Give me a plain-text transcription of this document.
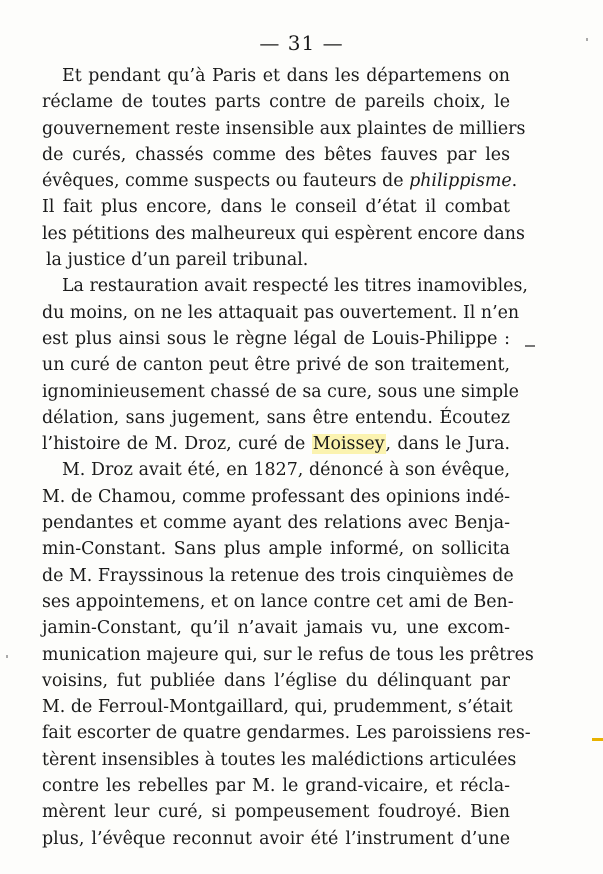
— 31 —
Et pendant qu’à Paris et dans les départemens on
réclame de toutes parts contre de pareils choix, le
gouvernement reste insensible aux plaintes de milliers
de curés, chassés comme des bêtes fauves par les
évêques, comme suspects ou fauteurs de philippisme.
Il fait plus encore, dans le conseil d’état il combat
les pétitions des malheureux qui espèrent encore dans
la justice d’un pareil tribunal.
La restauration avait respecté les titres inamovibles,
du moins, on ne les attaquait pas ouvertement. Il n’en
est plus ainsi sous le règne légal de Louis-Philippe :
un curé de canton peut être privé de son traitement,
ignominieusement chassé de sa cure, sous une simple
délation, sans jugement, sans être entendu. Écoutez
l’histoire de M. Droz, curé de Moissey, dans le Jura.
M. Droz avait été, en 1827, dénoncé à son évêque,
M. de Chamou, comme professant des opinions indé-
pendantes et comme ayant des relations avec Benja-
min-Constant. Sans plus ample informé, on sollicita
de M. Frayssinous la retenue des trois cinquièmes de
ses appointemens, et on lance contre cet ami de Ben-
jamin-Constant, qu’il n’avait jamais vu, une excom-
munication majeure qui, sur le refus de tous les prêtres
voisins, fut publiée dans l’église du délinquant par
M. de Ferroul-Montgaillard, qui, prudemment, s’était
fait escorter de quatre gendarmes. Les paroissiens res-
tèrent insensibles à toutes les malédictions articulées
contre les rebelles par M. le grand-vicaire, et récla-
mèrent leur curé, si pompeusement foudroyé. Bien
plus, l’évêque reconnut avoir été l’instrument d’une
